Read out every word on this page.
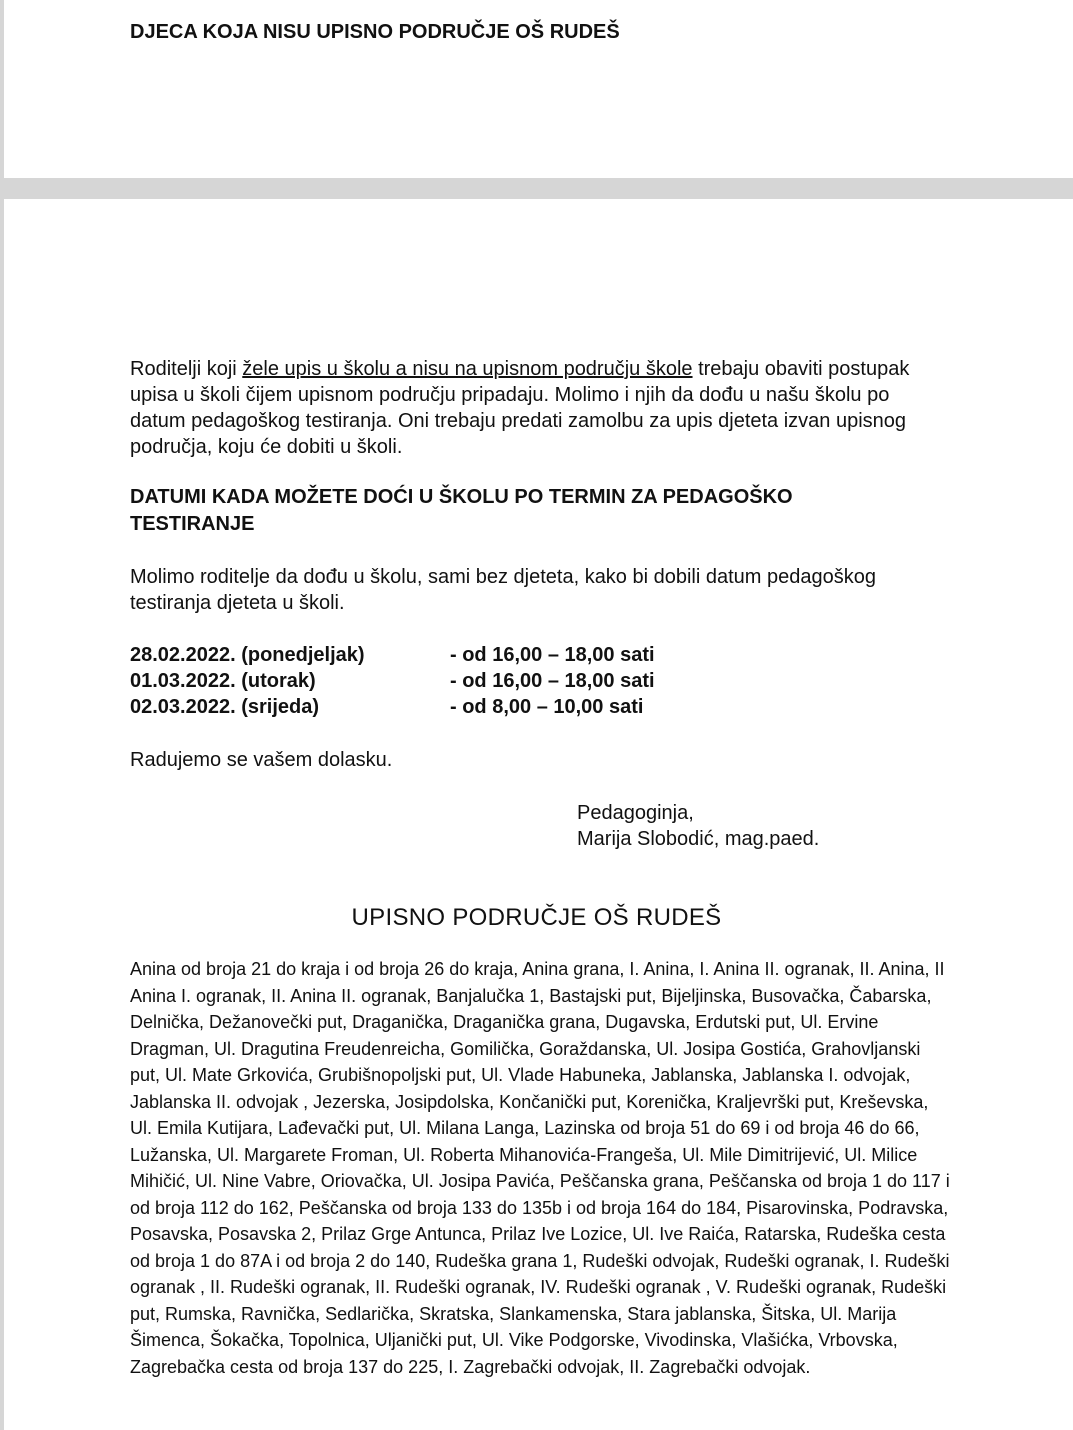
DJECA KOJA NISU UPISNO PODRUČJE OŠ RUDEŠ
Roditelji koji žele upis u školu a nisu na upisnom području škole trebaju obaviti postupak upisa u školi čijem upisnom području pripadaju. Molimo i njih da dođu u našu školu po datum pedagoškog testiranja. Oni trebaju predati zamolbu za upis djeteta izvan upisnog područja, koju će dobiti u školi.
DATUMI KADA MOŽETE DOĆI U ŠKOLU PO TERMIN ZA PEDAGOŠKO TESTIRANJE
Molimo roditelje da dođu u školu, sami bez djeteta, kako bi dobili datum pedagoškog testiranja djeteta u školi.
28.02.2022. (ponedjeljak)	- od 16,00 – 18,00 sati
01.03.2022. (utorak)	- od 16,00 – 18,00 sati
02.03.2022. (srijeda)	- od 8,00 – 10,00 sati
Radujemo se vašem dolasku.
Pedagoginja,
Marija Slobodić, mag.paed.
UPISNO PODRUČJE OŠ RUDEŠ
Anina od broja 21 do kraja i od broja 26 do kraja, Anina grana, I. Anina, I. Anina II. ogranak, II. Anina, II Anina I. ogranak, II. Anina II. ogranak, Banjalučka 1, Bastajski put, Bijeljinska, Busovačka, Čabarska, Delnička, Dežanovečki put, Draganička, Draganička grana, Dugavska, Erdutski put, Ul. Ervine Dragman, Ul. Dragutina Freudenreicha, Gomilička, Goraždanska, Ul. Josipa Gostića, Grahovljanski put, Ul. Mate Grkovića, Grubišnopoljski put, Ul. Vlade Habuneka, Jablanska, Jablanska I. odvojak, Jablanska II. odvojak , Jezerska, Josipdolska, Končanički put, Korenička, Kraljevrški put, Kreševska, Ul. Emila Kutijara, Lađevački put, Ul. Milana Langa, Lazinska od broja 51 do 69 i od broja 46 do 66, Lužanska, Ul. Margarete Froman, Ul. Roberta Mihanovića-Frangeša, Ul. Mile Dimitrijević, Ul. Milice Mihičić, Ul. Nine Vabre, Oriovačka, Ul. Josipa Pavića, Peščanska grana, Peščanska od broja 1 do 117 i od broja 112 do 162, Peščanska od broja 133 do 135b i od broja 164 do 184, Pisarovinska, Podravska, Posavska, Posavska 2, Prilaz Grge Antunca, Prilaz Ive Lozice, Ul. Ive Raića, Ratarska, Rudeška cesta od broja 1 do 87A i od broja 2 do 140, Rudeška grana 1, Rudeški odvojak, Rudeški ogranak, I. Rudeški ogranak , II. Rudeški ogranak, II. Rudeški ogranak, IV. Rudeški ogranak , V. Rudeški ogranak, Rudeški put, Rumska, Ravnička, Sedlarička, Skratska, Slankamenska, Stara jablanska, Šitska, Ul. Marija Šimenca, Šokačka, Topolnica, Uljanički put, Ul. Vike Podgorske, Vivodinska, Vlašićka, Vrbovska, Zagrebačka cesta od broja 137 do 225, I. Zagrebački odvojak, II. Zagrebački odvojak.
